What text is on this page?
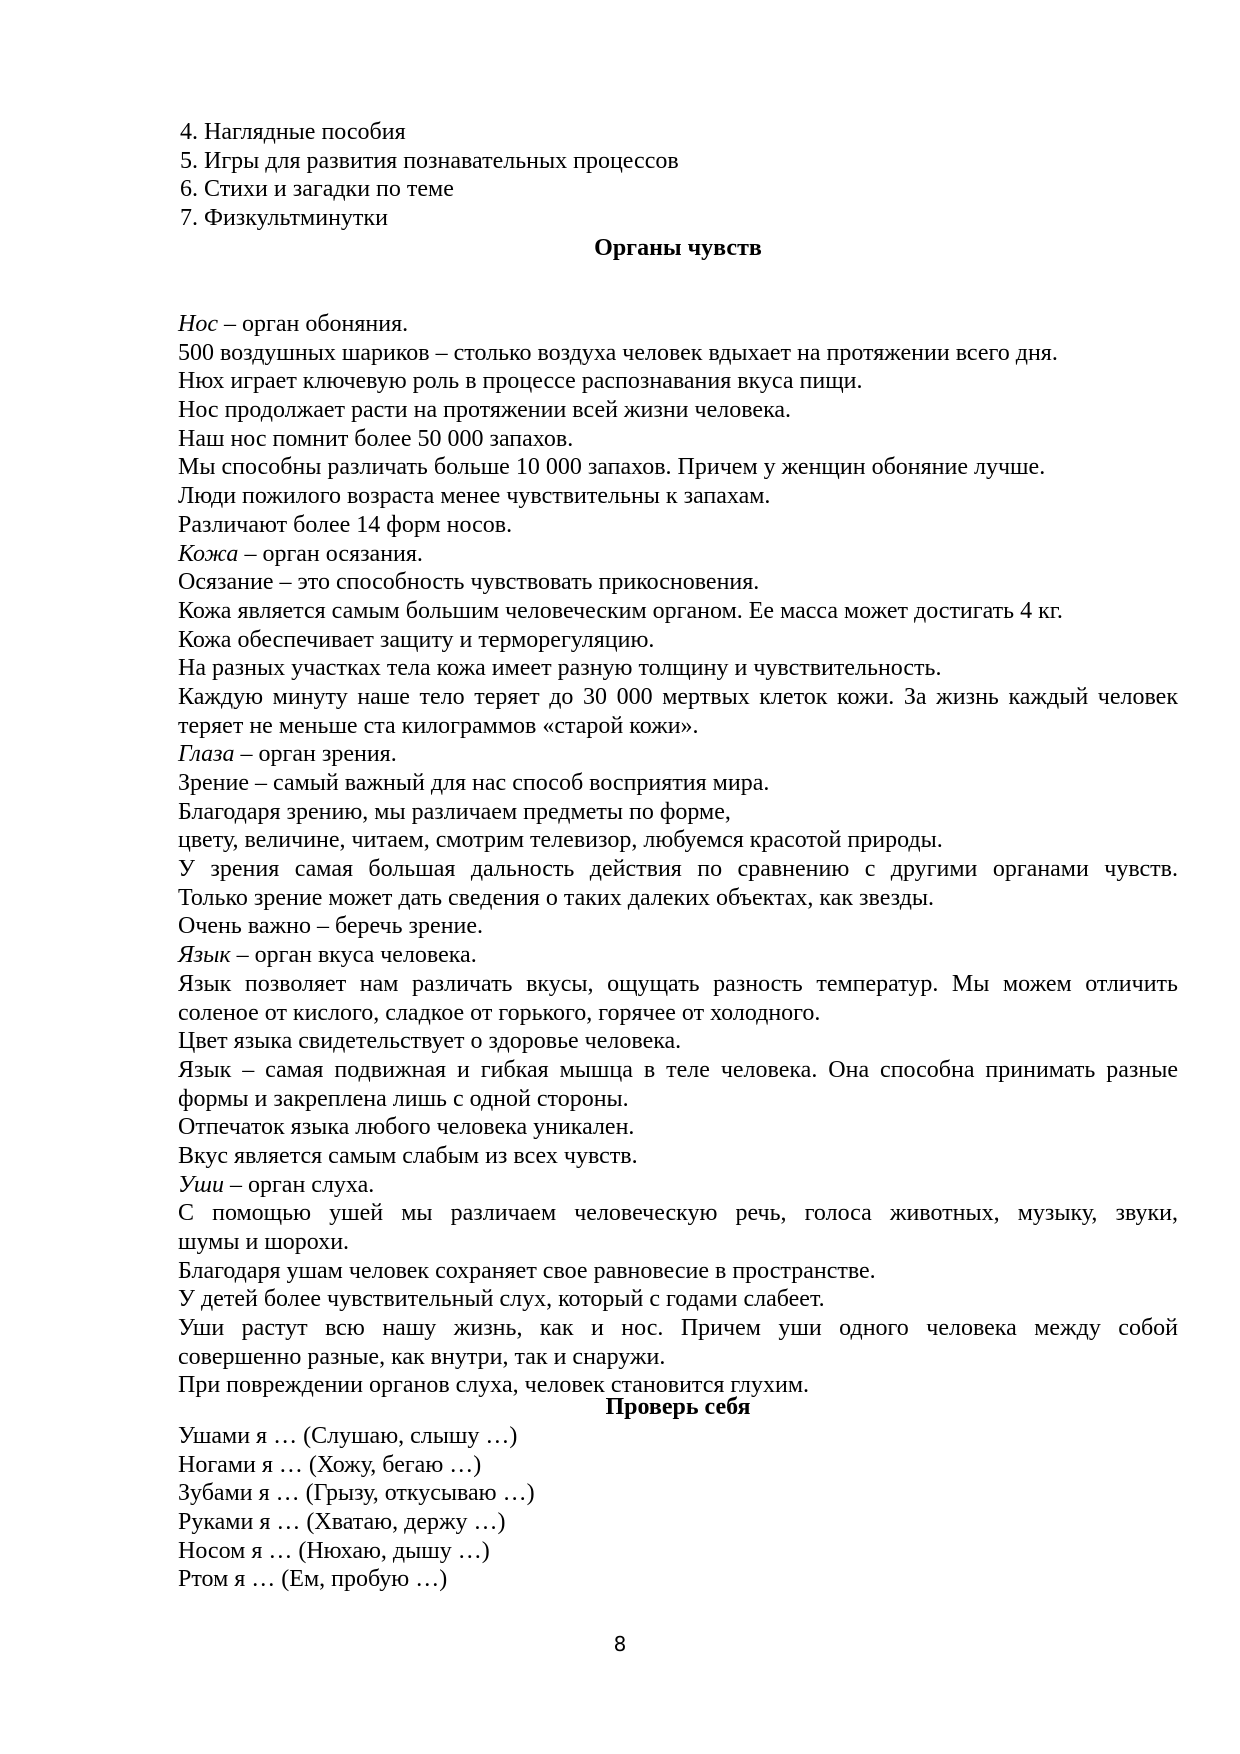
4. Наглядные пособия
5. Игры для развития познавательных процессов
6. Стихи и загадки по теме
7. Физкультминутки
Органы чувств
Нос – орган обоняния.
500 воздушных шариков – столько воздуха человек вдыхает на протяжении всего дня.
Нюх играет ключевую роль в процессе распознавания вкуса пищи.
Нос продолжает расти на протяжении всей жизни человека.
Наш нос помнит более 50 000 запахов.
Мы способны различать больше 10 000 запахов. Причем у женщин обоняние лучше.
Люди пожилого возраста менее чувствительны к запахам.
Различают более 14 форм носов.
Кожа – орган осязания.
Осязание – это способность чувствовать прикосновения.
Кожа является самым большим человеческим органом. Ее масса может достигать 4 кг.
Кожа обеспечивает защиту и терморегуляцию.
На разных участках тела кожа имеет разную толщину и чувствительность.
Каждую минуту наше тело теряет до 30 000 мертвых клеток кожи. За жизнь каждый человек
теряет не меньше ста килограммов «старой кожи».
Глаза – орган зрения.
Зрение – самый важный для нас способ восприятия мира.
Благодаря зрению, мы различаем предметы по форме,
цвету, величине, читаем, смотрим телевизор, любуемся красотой природы.
У зрения самая большая дальность действия по сравнению с другими органами чувств.
Только зрение может дать сведения о таких далеких объектах, как звезды.
Очень важно – беречь зрение.
Язык – орган вкуса человека.
Язык позволяет нам различать вкусы, ощущать разность температур. Мы можем отличить
соленое от кислого, сладкое от горького, горячее от холодного.
Цвет языка свидетельствует о здоровье человека.
Язык – самая подвижная и гибкая мышца в теле человека. Она способна принимать разные
формы и закреплена лишь с одной стороны.
Отпечаток языка любого человека уникален.
Вкус является самым слабым из всех чувств.
Уши – орган слуха.
С помощью ушей мы различаем человеческую речь, голоса животных, музыку, звуки,
шумы и шорохи.
Благодаря ушам человек сохраняет свое равновесие в пространстве.
У детей более чувствительный слух, который с годами слабеет.
Уши растут всю нашу жизнь, как и нос. Причем уши одного человека между собой
совершенно разные, как внутри, так и снаружи.
При повреждении органов слуха, человек становится глухим.
Проверь себя
Ушами я … (Слушаю, слышу …)
Ногами я … (Хожу, бегаю …)
Зубами я … (Грызу, откусываю …)
Руками я … (Хватаю, держу …)
Носом я … (Нюхаю, дышу …)
Ртом я … (Ем, пробую …)
8
